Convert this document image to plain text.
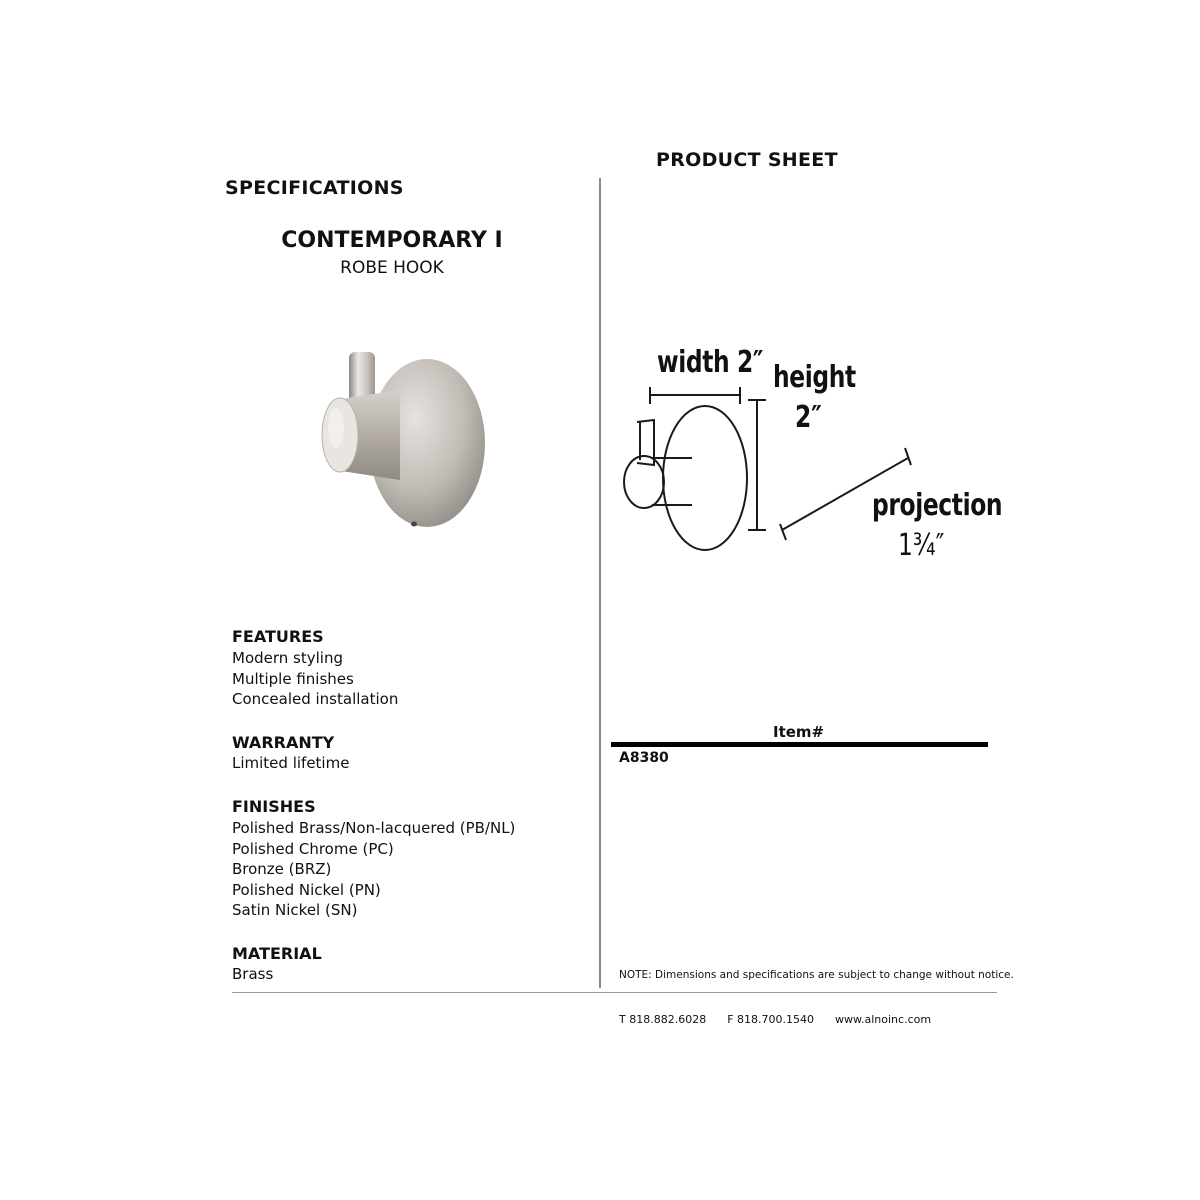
PRODUCT SHEET
SPECIFICATIONS
CONTEMPORARY I
ROBE HOOK
width 2″ height
2″
projection
1¾″
FEATURES
Modern styling
Multiple finishes
Concealed installation
WARRANTY
Limited lifetime
FINISHES
Polished Brass/Non-lacquered (PB/NL)
Polished Chrome (PC)
Bronze (BRZ)
Polished Nickel (PN)
Satin Nickel (SN)
MATERIAL
Brass
Item#
A8380
NOTE: Dimensions and specifications are subject to change without notice.
T 818.882.6028 F 818.700.1540 www.alnoinc.com
